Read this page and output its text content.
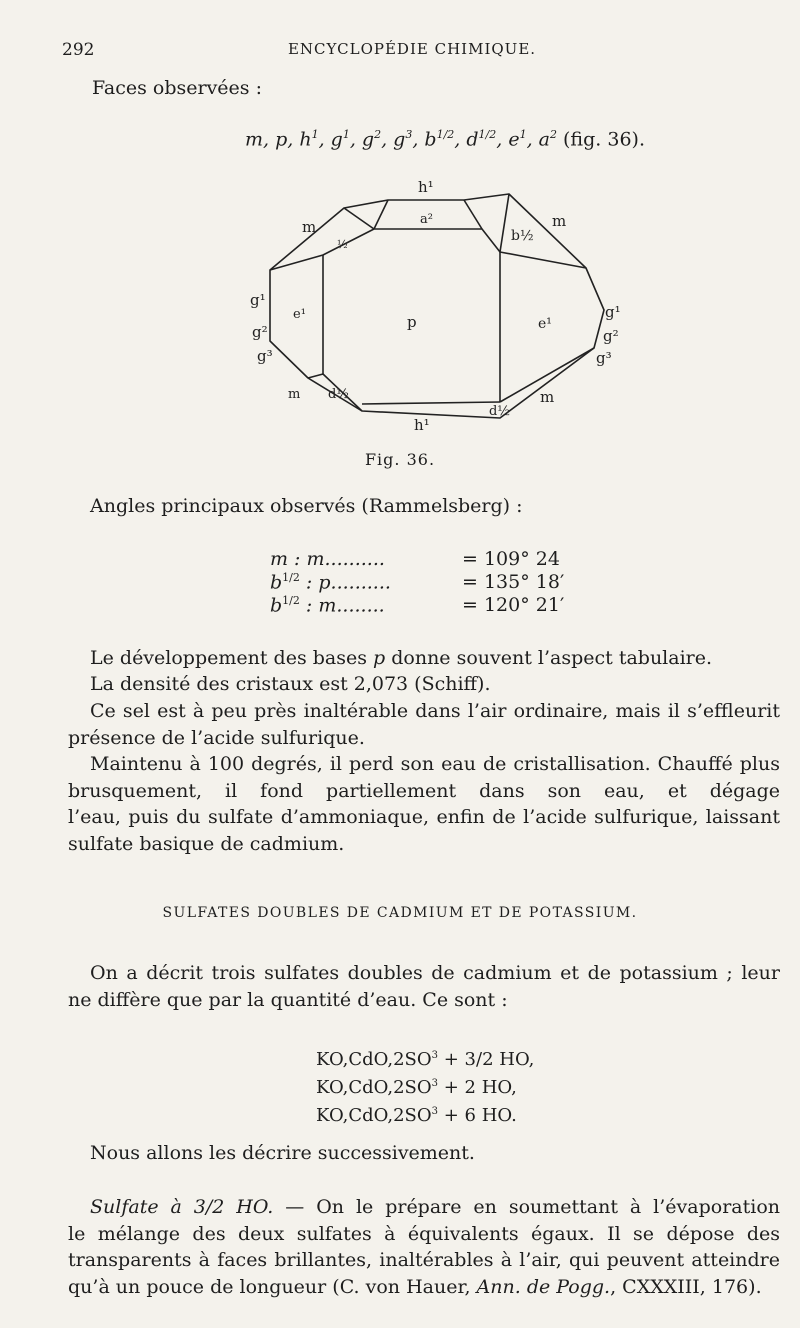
292	ENCYCLOPÉDIE CHIMIQUE.
Faces observées :
m, p, $h^1$, $g^1$, $g^2$, $g^3$, $b^{1/2}$, $d^{1/2}$, $e^1$, $a^2$ (fig. 36).
h¹
a²
m
½
b½
m
g¹
g²
g³
e¹	p	e¹
g¹
g²
g³
m d½
d½
m
h¹
Fig. 36.
Angles principaux observés (Rammelsberg) :
m : m..........	= 109° 24
$b^{1/2}$ : p..........	= 135° 18′
$b^{1/2}$ : m........	= 120° 21′
Le développement des bases p donne souvent l’aspect tabulaire.
La densité des cristaux est 2,073 (Schiff).
Ce sel est à peu près inaltérable dans l’air ordinaire, mais il s’effleurit
présence de l’acide sulfurique.
Maintenu à 100 degrés, il perd son eau de cristallisation. Chauffé plus
brusquement, il fond partiellement dans son eau, et dégage
l’eau, puis du sulfate d’ammoniaque, enfin de l’acide sulfurique, laissant
sulfate basique de cadmium.
SULFATES DOUBLES DE CADMIUM ET DE POTASSIUM.
On a décrit trois sulfates doubles de cadmium et de potassium ; leur
ne diffère que par la quantité d’eau. Ce sont :
$KO,CdO,2SO^3 + 3/2$ HO,
$KO,CdO,2SO^3 + 2$ HO,
$KO,CdO,2SO^3 + 6$ HO.
Nous allons les décrire successivement.
Sulfate à 3/2 HO. — On le prépare en soumettant à l’évaporation
le mélange des deux sulfates à équivalents égaux. Il se dépose des
transparents à faces brillantes, inaltérables à l’air, qui peuvent atteindre
qu’à un pouce de longueur (C. von Hauer, Ann. de Pogg., CXXXIII, 176).
